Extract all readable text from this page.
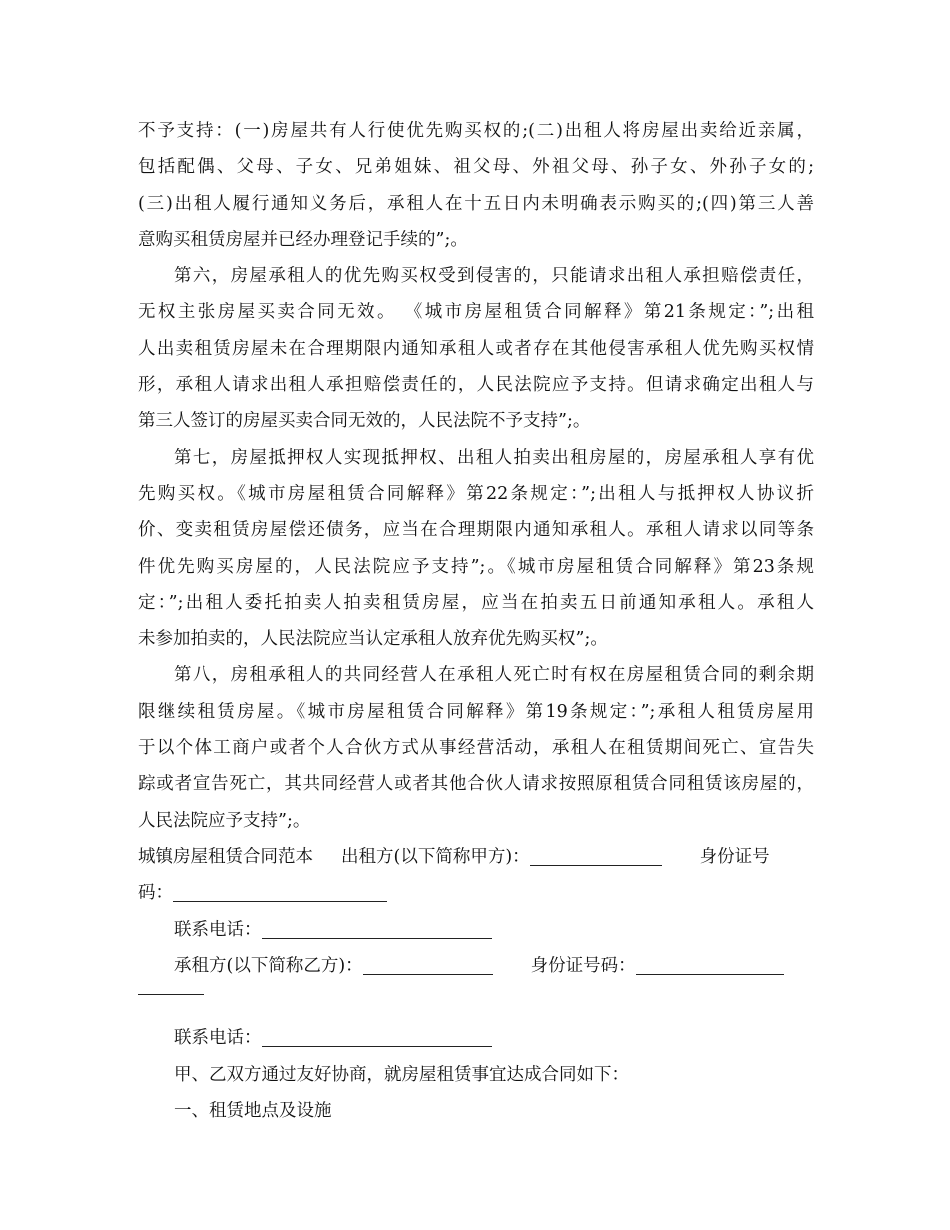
不予支持：(一)房屋共有人行使优先购买权的;(二)出租人将房屋出卖给近亲属，
包括配偶、父母、子女、兄弟姐妹、祖父母、外祖父母、孙子女、外孙子女的;
(三)出租人履行通知义务后，承租人在十五日内未明确表示购买的;(四)第三人善
意购买租赁房屋并已经办理登记手续的”;。
第六，房屋承租人的优先购买权受到侵害的，只能请求出租人承担赔偿责任，
无权主张房屋买卖合同无效。 《城市房屋租赁合同解释》第21条规定：”;出租
人出卖租赁房屋未在合理期限内通知承租人或者存在其他侵害承租人优先购买权情
形，承租人请求出租人承担赔偿责任的，人民法院应予支持。但请求确定出租人与
第三人签订的房屋买卖合同无效的，人民法院不予支持”;。
第七，房屋抵押权人实现抵押权、出租人拍卖出租房屋的，房屋承租人享有优
先购买权。《城市房屋租赁合同解释》第22条规定：”;出租人与抵押权人协议折
价、变卖租赁房屋偿还债务，应当在合理期限内通知承租人。承租人请求以同等条
件优先购买房屋的，人民法院应予支持”;。《城市房屋租赁合同解释》第23条规
定：”;出租人委托拍卖人拍卖租赁房屋，应当在拍卖五日前通知承租人。承租人
未参加拍卖的，人民法院应当认定承租人放弃优先购买权”;。
第八，房租承租人的共同经营人在承租人死亡时有权在房屋租赁合同的剩余期
限继续租赁房屋。《城市房屋租赁合同解释》第19条规定：”;承租人租赁房屋用
于以个体工商户或者个人合伙方式从事经营活动，承租人在租赁期间死亡、宣告失
踪或者宣告死亡，其共同经营人或者其他合伙人请求按照原租赁合同租赁该房屋的，
人民法院应予支持”;。
城镇房屋租赁合同范本 出租方(以下简称甲方)：	身份证号
码：
联系电话：
承租方(以下简称乙方)：	身份证号码：
联系电话：
甲、乙双方通过友好协商，就房屋租赁事宜达成合同如下：
一、租赁地点及设施
